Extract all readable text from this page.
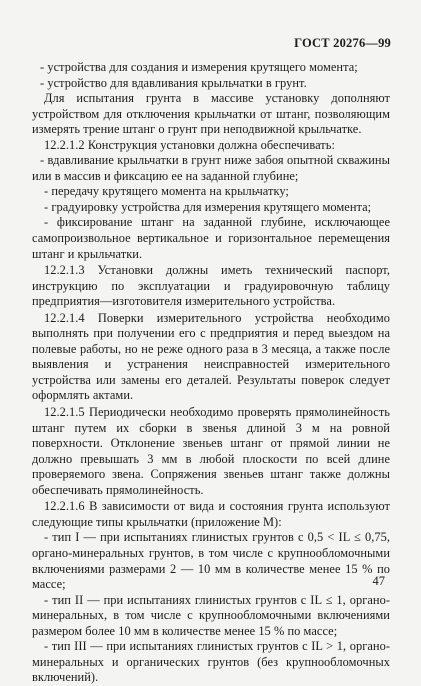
ГОСТ 20276—99

- устройства для создания и измерения крутящего момента;

- устройство для вдавливания крыльчатки в грунт.

Для испытания грунта в массиве установку дополняют устройством для отключения крыльчатки от штанг, позволяющим измерять трение штанг о грунт при неподвижной крыльчатке.

12.2.1.2 Конструкция установки должна обеспечивать:

- вдавливание крыльчатки в грунт ниже забоя опытной скважины или в массив и фиксацию ее на заданной глубине;

- передачу крутящего момента на крыльчатку;

- градуировку устройства для измерения крутящего момента;

- фиксирование штанг на заданной глубине, исключающее самопроизвольное вертикальное и горизонтальное перемещения штанг и крыльчатки.

12.2.1.3 Установки должны иметь технический паспорт, инструкцию по эксплуатации и градуировочную таблицу предприятия—изготовителя измерительного устройства.

12.2.1.4 Поверки измерительного устройства необходимо выполнять при получении его с предприятия и перед выездом на полевые работы, но не реже одного раза в 3 месяца, а также после выявления и устранения неисправностей измерительного устройства или замены его деталей. Результаты поверок следует оформлять актами.

12.2.1.5 Периодически необходимо проверять прямолинейность штанг путем их сборки в звенья длиной 3 м на ровной поверхности. Отклонение звеньев штанг от прямой линии не должно превышать 3 мм в любой плоскости по всей длине проверяемого звена. Сопряжения звеньев штанг также должны обеспечивать прямолинейность.

12.2.1.6 В зависимости от вида и состояния грунта используют следующие типы крыльчатки (приложение М):

- тип I — при испытаниях глинистых грунтов с 0,5 < IL ≤ 0,75, органо-минеральных грунтов, в том числе с крупнообломочными включениями размерами 2 — 10 мм в количестве менее 15 % по массе;

- тип II — при испытаниях глинистых грунтов с IL ≤ 1, органо-минеральных, в том числе с крупнообломочными включениями размером более 10 мм в количестве менее 15 % по массе;

- тип III — при испытаниях глинистых грунтов с IL > 1, органо-минеральных и органических грунтов (без крупнообломочных включений).

47
